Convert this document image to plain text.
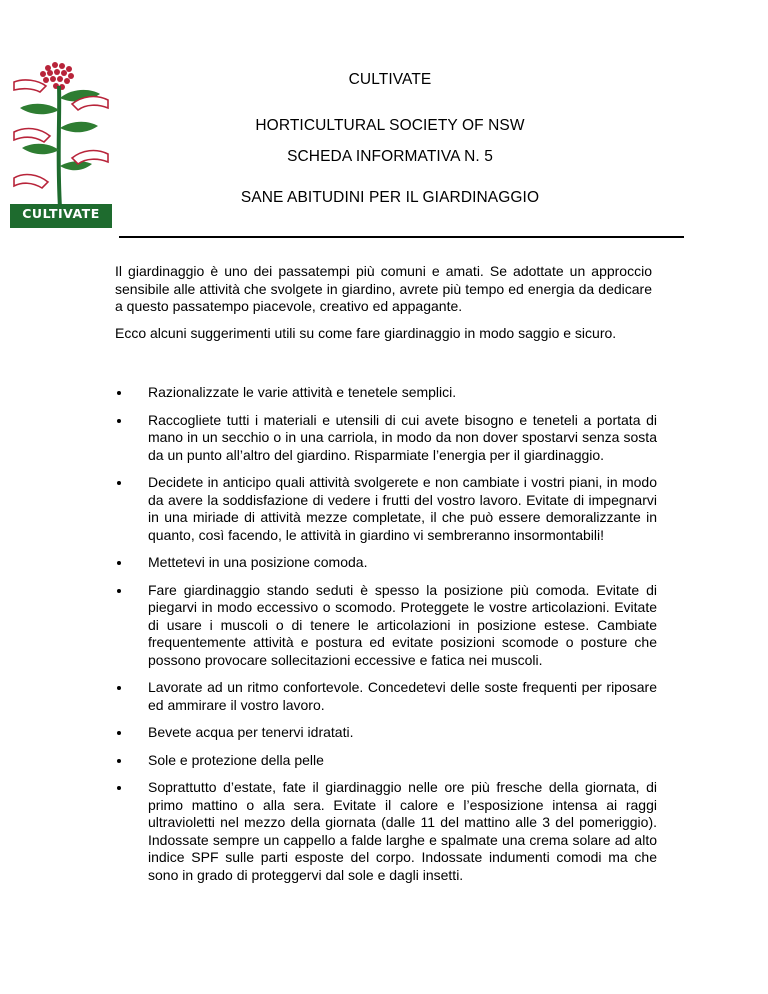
CULTIVATE
CULTIVATE
HORTICULTURAL SOCIETY OF NSW
SCHEDA INFORMATIVA N. 5
SANE ABITUDINI PER IL GIARDINAGGIO
Il giardinaggio è uno dei passatempi più comuni e amati. Se adottate un approccio sensibile alle attività che svolgete in giardino, avrete più tempo ed energia da dedicare a questo passatempo piacevole, creativo ed appagante.
Ecco alcuni suggerimenti utili su come fare giardinaggio in modo saggio e sicuro.
Razionalizzate le varie attività e tenetele semplici.
Raccogliete tutti i materiali e utensili di cui avete bisogno e teneteli a portata di mano in un secchio o in una carriola, in modo da non dover spostarvi senza sosta da un punto all’altro del giardino. Risparmiate l’energia per il giardinaggio.
Decidete in anticipo quali attività svolgerete e non cambiate i vostri piani, in modo da avere la soddisfazione di vedere i frutti del vostro lavoro. Evitate di impegnarvi in una miriade di attività mezze completate, il che può essere demoralizzante in quanto, così facendo, le attività in giardino vi sembreranno insormontabili!
Mettetevi in una posizione comoda.
Fare giardinaggio stando seduti è spesso la posizione più comoda. Evitate di piegarvi in modo eccessivo o scomodo. Proteggete le vostre articolazioni. Evitate di usare i muscoli o di tenere le articolazioni in posizione estese. Cambiate frequentemente attività e postura ed evitate posizioni scomode o posture che possono provocare sollecitazioni eccessive e fatica nei muscoli.
Lavorate ad un ritmo confortevole. Concedetevi delle soste frequenti per riposare ed ammirare il vostro lavoro.
Bevete acqua per tenervi idratati.
Sole e protezione della pelle
Soprattutto d’estate, fate il giardinaggio nelle ore più fresche della giornata, di primo mattino o alla sera. Evitate il calore e l’esposizione intensa ai raggi ultravioletti nel mezzo della giornata (dalle 11 del mattino alle 3 del pomeriggio). Indossate sempre un cappello a falde larghe e spalmate una crema solare ad alto indice SPF sulle parti esposte del corpo. Indossate indumenti comodi ma che sono in grado di proteggervi dal sole e dagli insetti.
